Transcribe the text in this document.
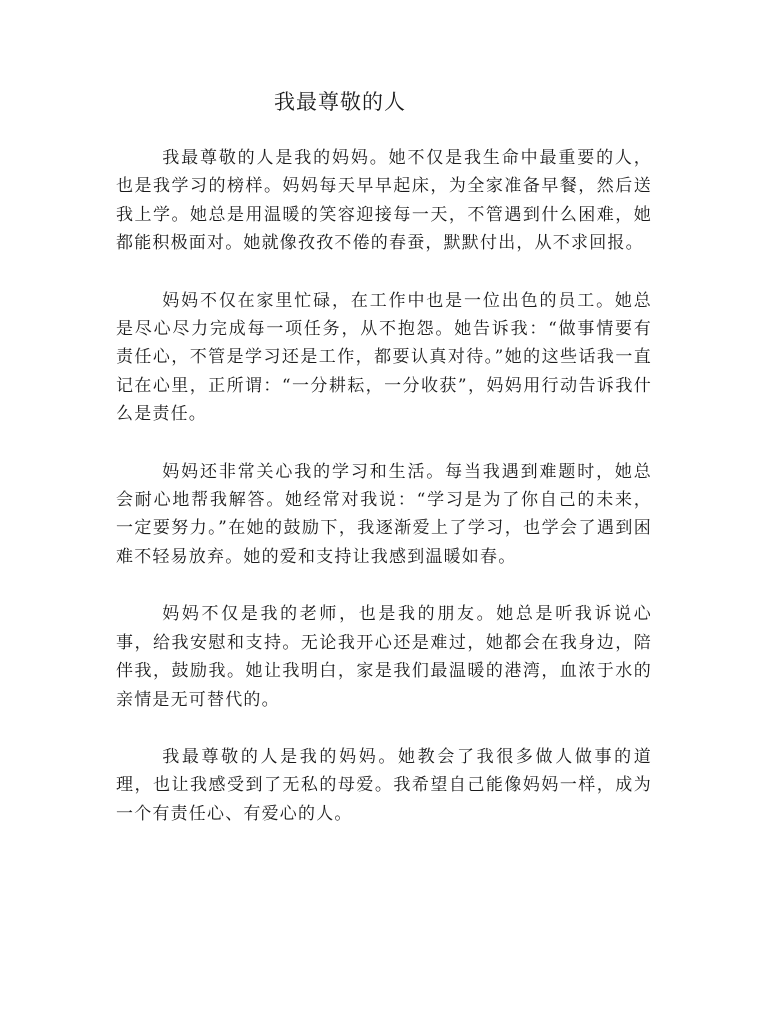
我最尊敬的人

我最尊敬的人是我的妈妈。她不仅是我生命中最重要的人，也是我学习的榜样。妈妈每天早早起床，为全家准备早餐，然后送我上学。她总是用温暖的笑容迎接每一天，不管遇到什么困难，她都能积极面对。她就像孜孜不倦的春蚕，默默付出，从不求回报。

妈妈不仅在家里忙碌，在工作中也是一位出色的员工。她总是尽心尽力完成每一项任务，从不抱怨。她告诉我：“做事情要有责任心，不管是学习还是工作，都要认真对待。”她的这些话我一直记在心里，正所谓：“一分耕耘，一分收获”，妈妈用行动告诉我什么是责任。

妈妈还非常关心我的学习和生活。每当我遇到难题时，她总会耐心地帮我解答。她经常对我说：“学习是为了你自己的未来，一定要努力。”在她的鼓励下，我逐渐爱上了学习，也学会了遇到困难不轻易放弃。她的爱和支持让我感到温暖如春。

妈妈不仅是我的老师，也是我的朋友。她总是听我诉说心事，给我安慰和支持。无论我开心还是难过，她都会在我身边，陪伴我，鼓励我。她让我明白，家是我们最温暖的港湾，血浓于水的亲情是无可替代的。

我最尊敬的人是我的妈妈。她教会了我很多做人做事的道理，也让我感受到了无私的母爱。我希望自己能像妈妈一样，成为一个有责任心、有爱心的人。
